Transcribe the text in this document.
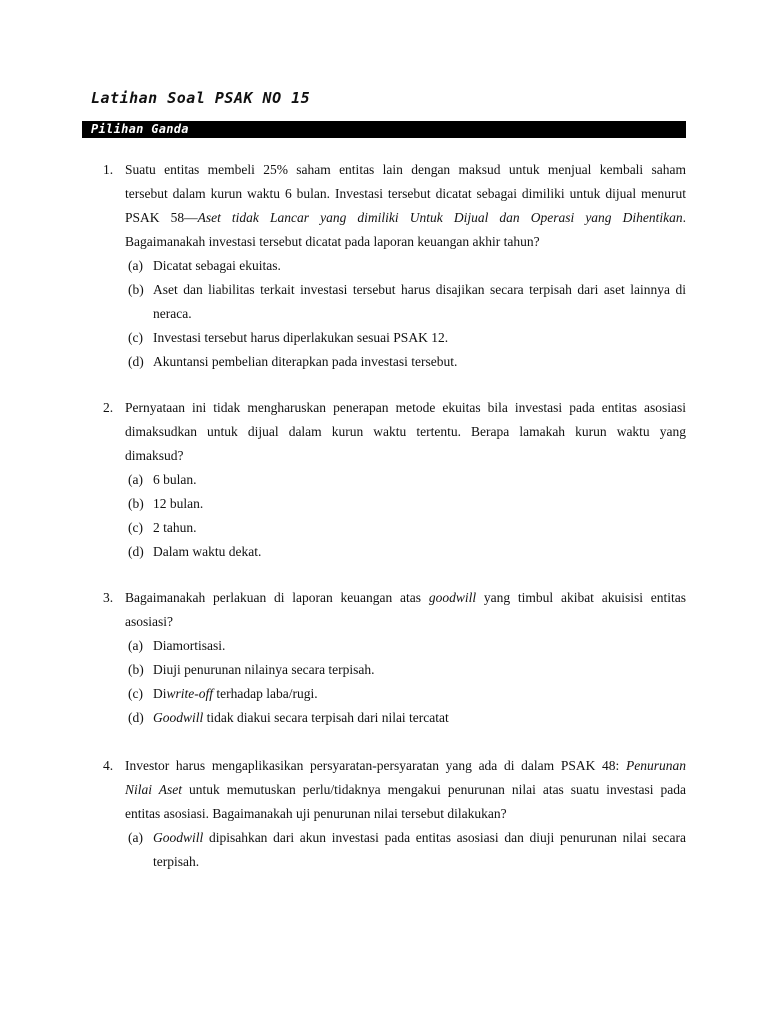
Latihan Soal PSAK NO 15
Pilihan Ganda
1. Suatu entitas membeli 25% saham entitas lain dengan maksud untuk menjual kembali saham
tersebut dalam kurun waktu 6 bulan. Investasi tersebut dicatat sebagai dimiliki untuk dijual menurut
PSAK 58—Aset tidak Lancar yang dimiliki Untuk Dijual dan Operasi yang Dihentikan.
Bagaimanakah investasi tersebut dicatat pada laporan keuangan akhir tahun?
(a) Dicatat sebagai ekuitas.
(b) Aset dan liabilitas terkait investasi tersebut harus disajikan secara terpisah dari aset lainnya di
neraca.
(c) Investasi tersebut harus diperlakukan sesuai PSAK 12.
(d) Akuntansi pembelian diterapkan pada investasi tersebut.
2. Pernyataan ini tidak mengharuskan penerapan metode ekuitas bila investasi pada entitas asosiasi
dimaksudkan untuk dijual dalam kurun waktu tertentu. Berapa lamakah kurun waktu yang
dimaksud?
(a) 6 bulan.
(b) 12 bulan.
(c) 2 tahun.
(d) Dalam waktu dekat.
3. Bagaimanakah perlakuan di laporan keuangan atas goodwill yang timbul akibat akuisisi entitas
asosiasi?
(a) Diamortisasi.
(b) Diuji penurunan nilainya secara terpisah.
(c) Diwrite-off terhadap laba/rugi.
(d) Goodwill tidak diakui secara terpisah dari nilai tercatat
4. Investor harus mengaplikasikan persyaratan-persyaratan yang ada di dalam PSAK 48: Penurunan
Nilai Aset untuk memutuskan perlu/tidaknya mengakui penurunan nilai atas suatu investasi pada
entitas asosiasi. Bagaimanakah uji penurunan nilai tersebut dilakukan?
(a) Goodwill dipisahkan dari akun investasi pada entitas asosiasi dan diuji penurunan nilai secara
terpisah.
